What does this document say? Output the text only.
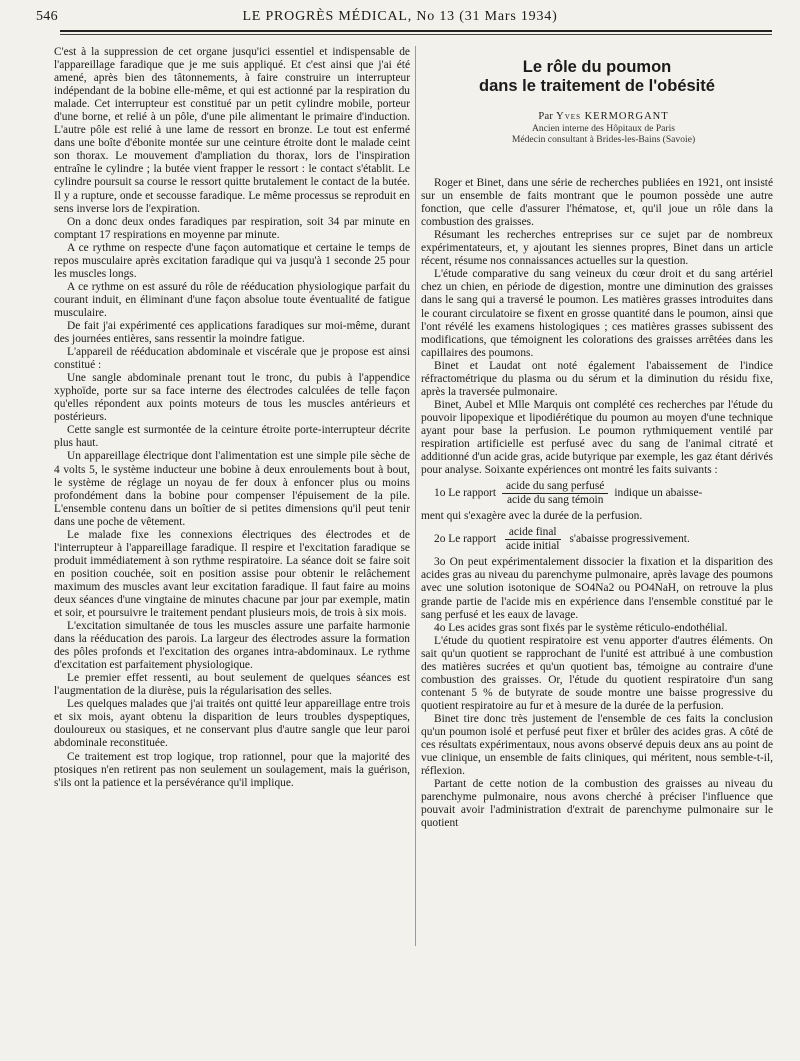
546	LE PROGRÈS MÉDICAL, No 13 (31 Mars 1934)

C'est à la suppression de cet organe jusqu'ici essentiel et indispensable de l'appareillage faradique que je me suis appliqué. Et c'est ainsi que j'ai été amené, après bien des tâtonnements, à faire construire un interrupteur indépendant de la bobine elle-même, et qui est actionné par la respiration du malade. Cet interrupteur est constitué par un petit cylindre mobile, porteur d'une borne, et relié à un pôle, d'une pile alimentant le primaire d'induction. L'autre pôle est relié à une lame de ressort en bronze. Le tout est enfermé dans une boîte d'ébonite montée sur une ceinture étroite dont le malade ceint son thorax. Le mouvement d'ampliation du thorax, lors de l'inspiration entraîne le cylindre ; la butée vient frapper le ressort : le contact s'établit. Le cylindre poursuit sa course le ressort quitte brutalement le contact de la butée. Il y a rupture, onde et secousse faradique. Le même processus se reproduit en sens inverse lors de l'expiration.

On a donc deux ondes faradiques par respiration, soit 34 par minute en comptant 17 respirations en moyenne par minute.

A ce rythme on respecte d'une façon automatique et certaine le temps de repos musculaire après excitation faradique qui va jusqu'à 1 seconde 25 pour les muscles longs.

A ce rythme on est assuré du rôle de rééducation physiologique parfait du courant induit, en éliminant d'une façon absolue toute éventualité de fatigue musculaire.

De fait j'ai expérimenté ces applications faradiques sur moi-même, durant des journées entières, sans ressentir la moindre fatigue.

L'appareil de rééducation abdominale et viscérale que je propose est ainsi constitué :

Une sangle abdominale prenant tout le tronc, du pubis à l'appendice xyphoïde, porte sur sa face interne des électrodes calculées de telle façon qu'elles répondent aux points moteurs de tous les muscles antérieurs et postérieurs.

Cette sangle est surmontée de la ceinture étroite porte-interrupteur décrite plus haut.

Un appareillage électrique dont l'alimentation est une simple pile sèche de 4 volts 5, le système inducteur une bobine à deux enroulements bout à bout, le système de réglage un noyau de fer doux à enfoncer plus ou moins profondément dans la bobine pour compenser l'épuisement de la pile. L'ensemble contenu dans un boîtier de si petites dimensions qu'il peut tenir dans une poche de vêtement.

Le malade fixe les connexions électriques des électrodes et de l'interrupteur à l'appareillage faradique. Il respire et l'excitation faradique se produit immédiatement à son rythme respiratoire. La séance doit se faire soit en position couchée, soit en position assise pour obtenir le relâchement maximum des muscles avant leur excitation faradique. Il faut faire au moins deux séances d'une vingtaine de minutes chacune par jour par exemple, matin et soir, et poursuivre le traitement pendant plusieurs mois, de trois à six mois.

L'excitation simultanée de tous les muscles assure une parfaite harmonie dans la rééducation des parois. La largeur des électrodes assure la formation des pôles profonds et l'excitation des organes intra-abdominaux. Le rythme d'excitation est parfaitement physiologique.

Le premier effet ressenti, au bout seulement de quelques séances est l'augmentation de la diurèse, puis la régularisation des selles.

Les quelques malades que j'ai traités ont quitté leur appareillage entre trois et six mois, ayant obtenu la disparition de leurs troubles dyspeptiques, douloureux ou stasiques, et ne conservant plus d'autre sangle que leur paroi abdominale reconstituée.

Ce traitement est trop logique, trop rationnel, pour que la majorité des ptosiques n'en retirent pas non seulement un soulagement, mais la guérison, s'ils ont la patience et la persévérance qu'il implique.

Le rôle du poumon
dans le traitement de l'obésité

Par Yves KERMORGANT

Ancien interne des Hôpitaux de Paris

Médecin consultant à Brides-les-Bains (Savoie)

Roger et Binet, dans une série de recherches publiées en 1921, ont insisté sur un ensemble de faits montrant que le poumon possède une autre fonction, que celle d'assurer l'hématose, et, qu'il joue un rôle dans la combustion des graisses.

Résumant les recherches entreprises sur ce sujet par de nombreux expérimentateurs, et, y ajoutant les siennes propres, Binet dans un article récent, résume nos connaissances actuelles sur la question.

L'étude comparative du sang veineux du cœur droit et du sang artériel chez un chien, en période de digestion, montre une diminution des graisses dans le sang qui a traversé le poumon. Les matières grasses introduites dans le courant circulatoire se fixent en grosse quantité dans le poumon, ainsi que l'ont révélé les examens histologiques ; ces matières grasses subissent des modifications, que témoignent les colorations des graisses arrêtées dans les capillaires des poumons.

Binet et Laudat ont noté également l'abaissement de l'indice réfractométrique du plasma ou du sérum et la diminution du résidu fixe, après la traversée pulmonaire.

Binet, Aubel et Mlle Marquis ont complété ces recherches par l'étude du pouvoir lipopexique et lipodiérétique du poumon au moyen d'une technique ayant pour base la perfusion. Le poumon rythmiquement ventilé par respiration artificielle est perfusé avec du sang de l'animal citraté et additionné d'un acide gras, acide butyrique par exemple, les gaz étant dérivés pour analyse. Soixante expériences ont montré les faits suivants :

1o Le rapport $\frac{\text{acide du sang perfusé}}{\text{acide du sang témoin}}$ indique un abaisse-

ment qui s'exagère avec la durée de la perfusion.

2o Le rapport $\frac{\text{acide final}}{\text{acide initial}}$ s'abaisse progressivement.

3o On peut expérimentalement dissocier la fixation et la disparition des acides gras au niveau du parenchyme pulmonaire, après lavage des poumons avec une solution isotonique de SO4Na2 ou PO4NaH, on retrouve la plus grande partie de l'acide mis en expérience dans l'ensemble constitué par le sang perfusé et les eaux de lavage.

4o Les acides gras sont fixés par le système réticulo-endothélial.

L'étude du quotient respiratoire est venu apporter d'autres éléments. On sait qu'un quotient se rapprochant de l'unité est attribué à une combustion des matières sucrées et qu'un quotient bas, témoigne au contraire d'une combustion des graisses. Or, l'étude du quotient respiratoire d'un sang contenant 5 % de butyrate de soude montre une baisse progressive du quotient respiratoire au fur et à mesure de la durée de la perfusion.

Binet tire donc très justement de l'ensemble de ces faits la conclusion qu'un poumon isolé et perfusé peut fixer et brûler des acides gras. A côté de ces résultats expérimentaux, nous avons observé depuis deux ans au point de vue clinique, un ensemble de faits cliniques, qui méritent, nous semble-t-il, réflexion.

Partant de cette notion de la combustion des graisses au niveau du parenchyme pulmonaire, nous avons cherché à préciser l'influence que pouvait avoir l'administration d'extrait de parenchyme pulmonaire sur le quotient
